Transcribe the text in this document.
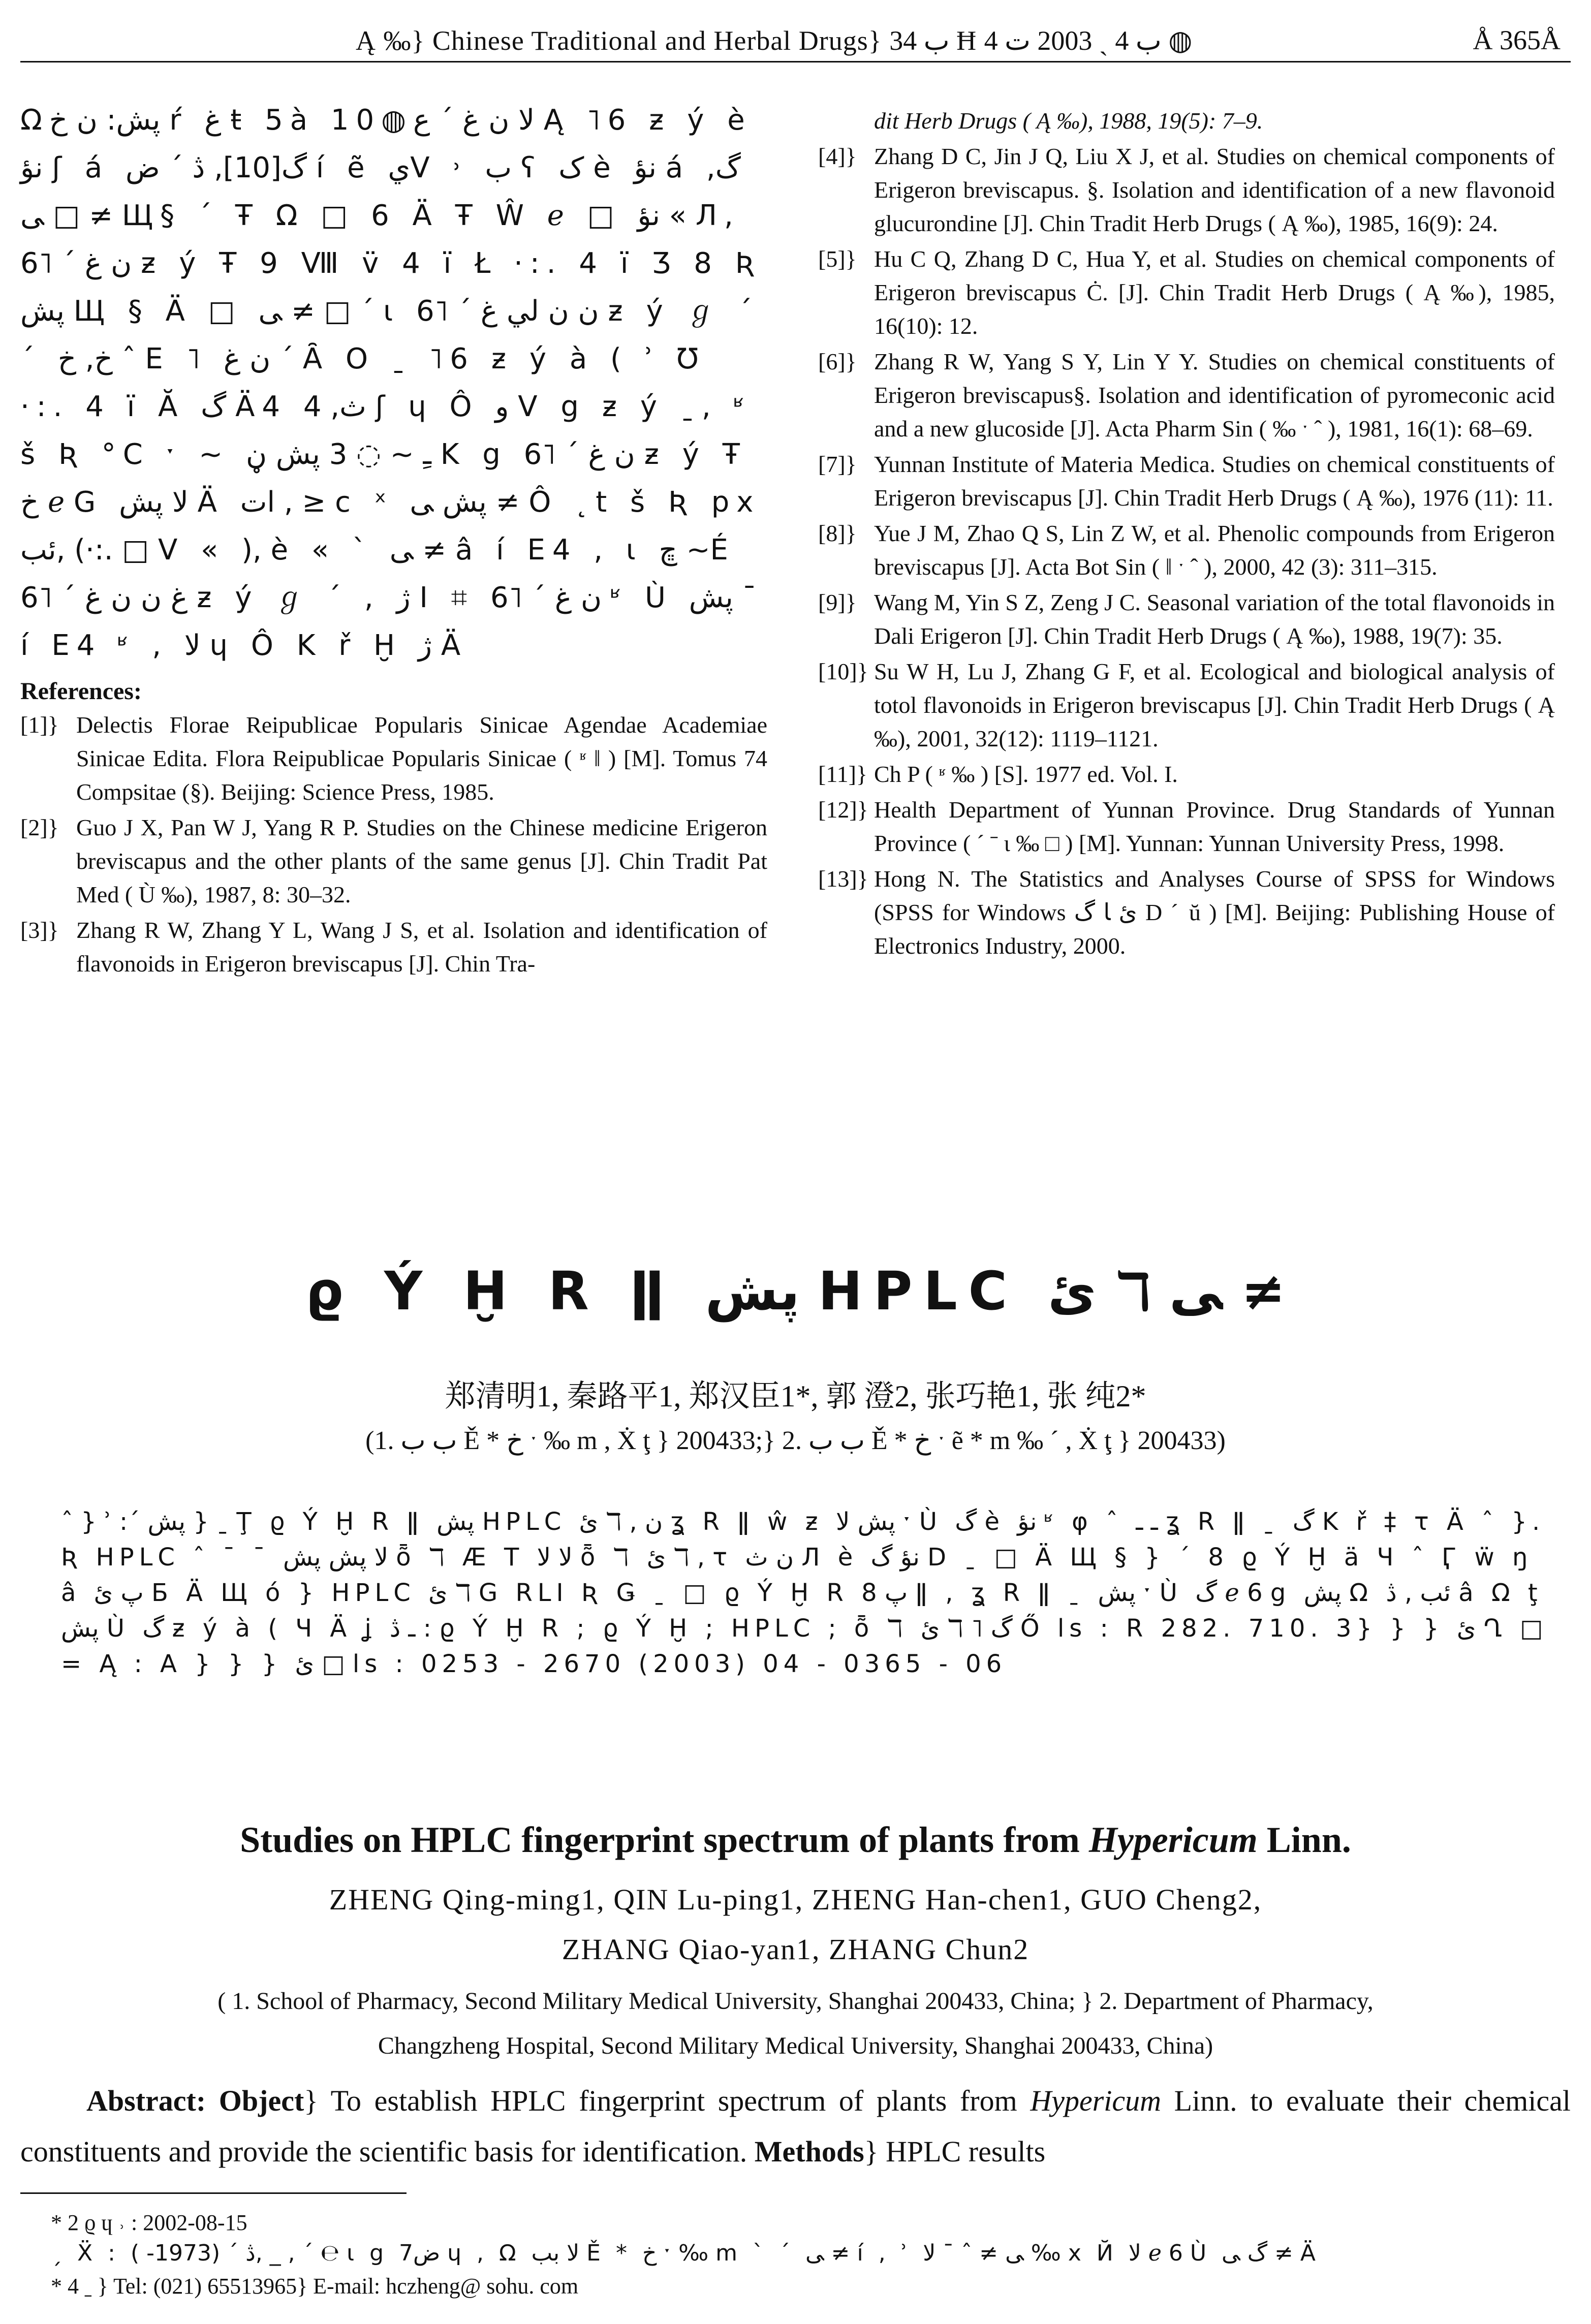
Ą ‰} Chinese Traditional and Herbal Drugs} ب 34 Ħ ب 4 ˏ 2003 ت 4 ◍	Å 365Å
Ωپش: ن خ ŕ غ ŧ 5à 10◍ﻻ ن غ ˊ ع Ą ˥6 ƶ ý è نؤ ʃ á گ[10], ڎ ˊ ض í ẽ يV ˒ ب ʕ ک è نؤ á گ, □ ﻰ ≠ Щ§ ˊ Ŧ Ω □ 6 Ä Ŧ Ŵ ℯ □ نؤ « Л, ن غ ˊ ˥6 ƶ ý Ŧ 9 Ⅷ v̈ 4 ï Ł ·:. 4 ï Ʒ 8 Ʀ پش Щ § Ä □ ﻰ ≠ □ ˊ ι ن ن لي غ ˊ ˥6 ƶ ý ℊ ˊ ˊ خ, خ ˆ E ˥ ن غ ˊ Ȃ O ˍ ˥6 ƶ ý à ( ʾ Ʊ ·:. 4 ï Ă گ Ä4 ث, 4 ʃ ɥ Ô و V g ƶ ý ˍ, ʶ š Ʀ °C ˑ ~ ـِ ~ ◌ 3 پش ڼ K g ن غ ˊ ˥6 ƶ ý Ŧ خ ℯ G ﻻ پش Ä ات , ≥ c ˣ پش ﻰ ≠ Ô ˛t š Ʀ px ئب, (·:. □ V « ), è « ˋ ﻰ ≠ â í E4 , ι ڇ ~É غ ن ن غ ˊ ˥6 ƶ ý ℊ ˊ , ژ I ⌗ ن غ ˊ ˥6 ʶ Ù پش ˉ í E4 ʶ , ﻻ ɥ Ô K ř Ḫ ژ Ä
References:
[1]} Delectis Florae Reipublicae Popularis Sinicae Agendae Academiae Sinicae Edita. Flora Reipublicae Popularis Sinicae ( ʶ ǁ ) [M]. Tomus 74 Compsitae (§). Beijing: Science Press, 1985.
[2]} Guo J X, Pan W J, Yang R P. Studies on the Chinese medicine Erigeron breviscapus and the other plants of the same genus [J]. Chin Tradit Pat Med ( Ù ‰), 1987, 8: 30–32.
[3]} Zhang R W, Zhang Y L, Wang J S, et al. Isolation and identification of flavonoids in Erigeron breviscapus [J]. Chin Tra-
dit Herb Drugs ( Ą ‰), 1988, 19(5): 7–9.
[4]} Zhang D C, Jin J Q, Liu X J, et al. Studies on chemical components of Erigeron breviscapus. §. Isolation and identification of a new flavonoid glucurondine [J]. Chin Tradit Herb Drugs ( Ą ‰), 1985, 16(9): 24.
[5]} Hu C Q, Zhang D C, Hua Y, et al. Studies on chemical components of Erigeron breviscapus Ċ. [J]. Chin Tradit Herb Drugs ( Ą ‰), 1985, 16(10): 12.
[6]} Zhang R W, Yang S Y, Lin Y Y. Studies on chemical constituents of Erigeron breviscapus§. Isolation and identification of pyromeconic acid and a new glucoside [J]. Acta Pharm Sin ( ‰ ˑ ˆ ), 1981, 16(1): 68–69.
[7]} Yunnan Institute of Materia Medica. Studies on chemical constituents of Erigeron breviscapus [J]. Chin Tradit Herb Drugs ( Ą ‰), 1976 (11): 11.
[8]} Yue J M, Zhao Q S, Lin Z W, et al. Phenolic compounds from Erigeron breviscapus [J]. Acta Bot Sin ( ǁ ˑ ˆ ), 2000, 42 (3): 311–315.
[9]} Wang M, Yin S Z, Zeng J C. Seasonal variation of the total flavonoids in Dali Erigeron [J]. Chin Tradit Herb Drugs ( Ą ‰), 1988, 19(7): 35.
[10]} Su W H, Lu J, Zhang G F, et al. Ecological and biological analysis of totol flavonoids in Erigeron breviscapus [J]. Chin Tradit Herb Drugs ( Ą ‰), 2001, 32(12): 1119–1121.
[11]} Ch P ( ʶ ‰ ) [S]. 1977 ed. Vol. I.
[12]} Health Department of Yunnan Province. Drug Standards of Yunnan Province ( ˊ ˉ ι ‰ □ ) [M]. Yunnan: Yunnan University Press, 1998.
[13]} Hong N. The Statistics and Analyses Course of SPSS for Windows (SPSS for Windows ئ ﺎ گ D ˊ ŭ ) [M]. Beijing: Publishing House of Electronics Industry, 2000.
ϱ Ý Ḫ R ǁ پش HPLC ئ ℸ ﻰ ≠
郑清明1, 秦路平1, 郑汉臣1*, 郭 澄2, 张巧艳1, 张 纯2*
(1. ب ب Ě * خ ˑ ‰ m , Ẋ ţ } 200433;} 2. ب ب Ě * خ ˑ ẽ * m ‰ ˊ , Ẋ ţ } 200433)
ˆ } ʾ :ˊ پش } ˍ Ţ ϱ Ý Ḫ R ǁ پش HPLC ئ ℸ , ن ʓ R ǁ ŵ ƶ پش ﻻ ˑ Ù گ è نؤ ʶ φ ˆ ـ ـ ʓ R ǁ ˍ گ K ř ‡ τ Ä ˆ }. Ʀ HPLC ˆ ˉ ˉ ﻻ پش پش ȭ ℸ Æ T ﻻ ﻻ ȭ ℸ ئ ℸ , τ ن ث Л è نؤ گ D ˍ □ Ä Щ § } ˊ 8 ϱ Ý Ḫ ä Ч ˆ Ӷ ẅ ŋ â پ ئ Б Ä Щ ó } HPLC ئ ℸ G RLI Ʀ Ǥ ˍ □ ϱ Ý Ḫ R پ 8 ǁ , ʓ R ǁ ˍ پش ˑ Ù گ ℯ 6 g پش Ω ئب , ڎ â Ω ţ پش Ù گ ƶ ý à ( Ч Ä ʝ ـ ڎ : ϱ Ý Ḫ R ; ϱ Ý Ḫ ; HPLC ; ȭ ℸ ئ ℸ ˥ گ Ő ls : R 282. 710. 3} } } ئ Ղ □ = Ą : A } } } ئ □ ls : 0253 - 2670 (2003) 04 - 0365 - 06
Studies on HPLC fingerprint spectrum of plants from Hypericum Linn.
ZHENG Qing-ming1, QIN Lu-ping1, ZHENG Han-chen1, GUO Cheng2,
ZHANG Qiao-yan1, ZHANG Chun2
( 1. School of Pharmacy, Second Military Medical University, Shanghai 200433, China; } 2. Department of Pharmacy,
Changzheng Hospital, Second Military Medical University, Shanghai 200433, China)
Abstract: Object} To establish HPLC fingerprint spectrum of plants from Hypericum Linn. to evaluate their chemical constituents and provide the scientific basis for identification. Methods} HPLC results
* 2 ϱ ɥ ˒ : 2002-08-15
ˏ Ẍ : ڎ ˊ (1973- ), _ , ˊ ℮ ι g ض7 ɥ , Ω ﻻ بب Ě * خ ˑ ‰ m ˋ ˊ ﻰ ≠ í , ʾ ﻰ ≠ ˆ ˉ ﻻ ‰ x Й ﻻ ℯ 6 Ù گ ﻰ ≠ Ä
* 4 ˍ } Tel: (021) 65513965} E-mail: hczheng@ sohu. com
